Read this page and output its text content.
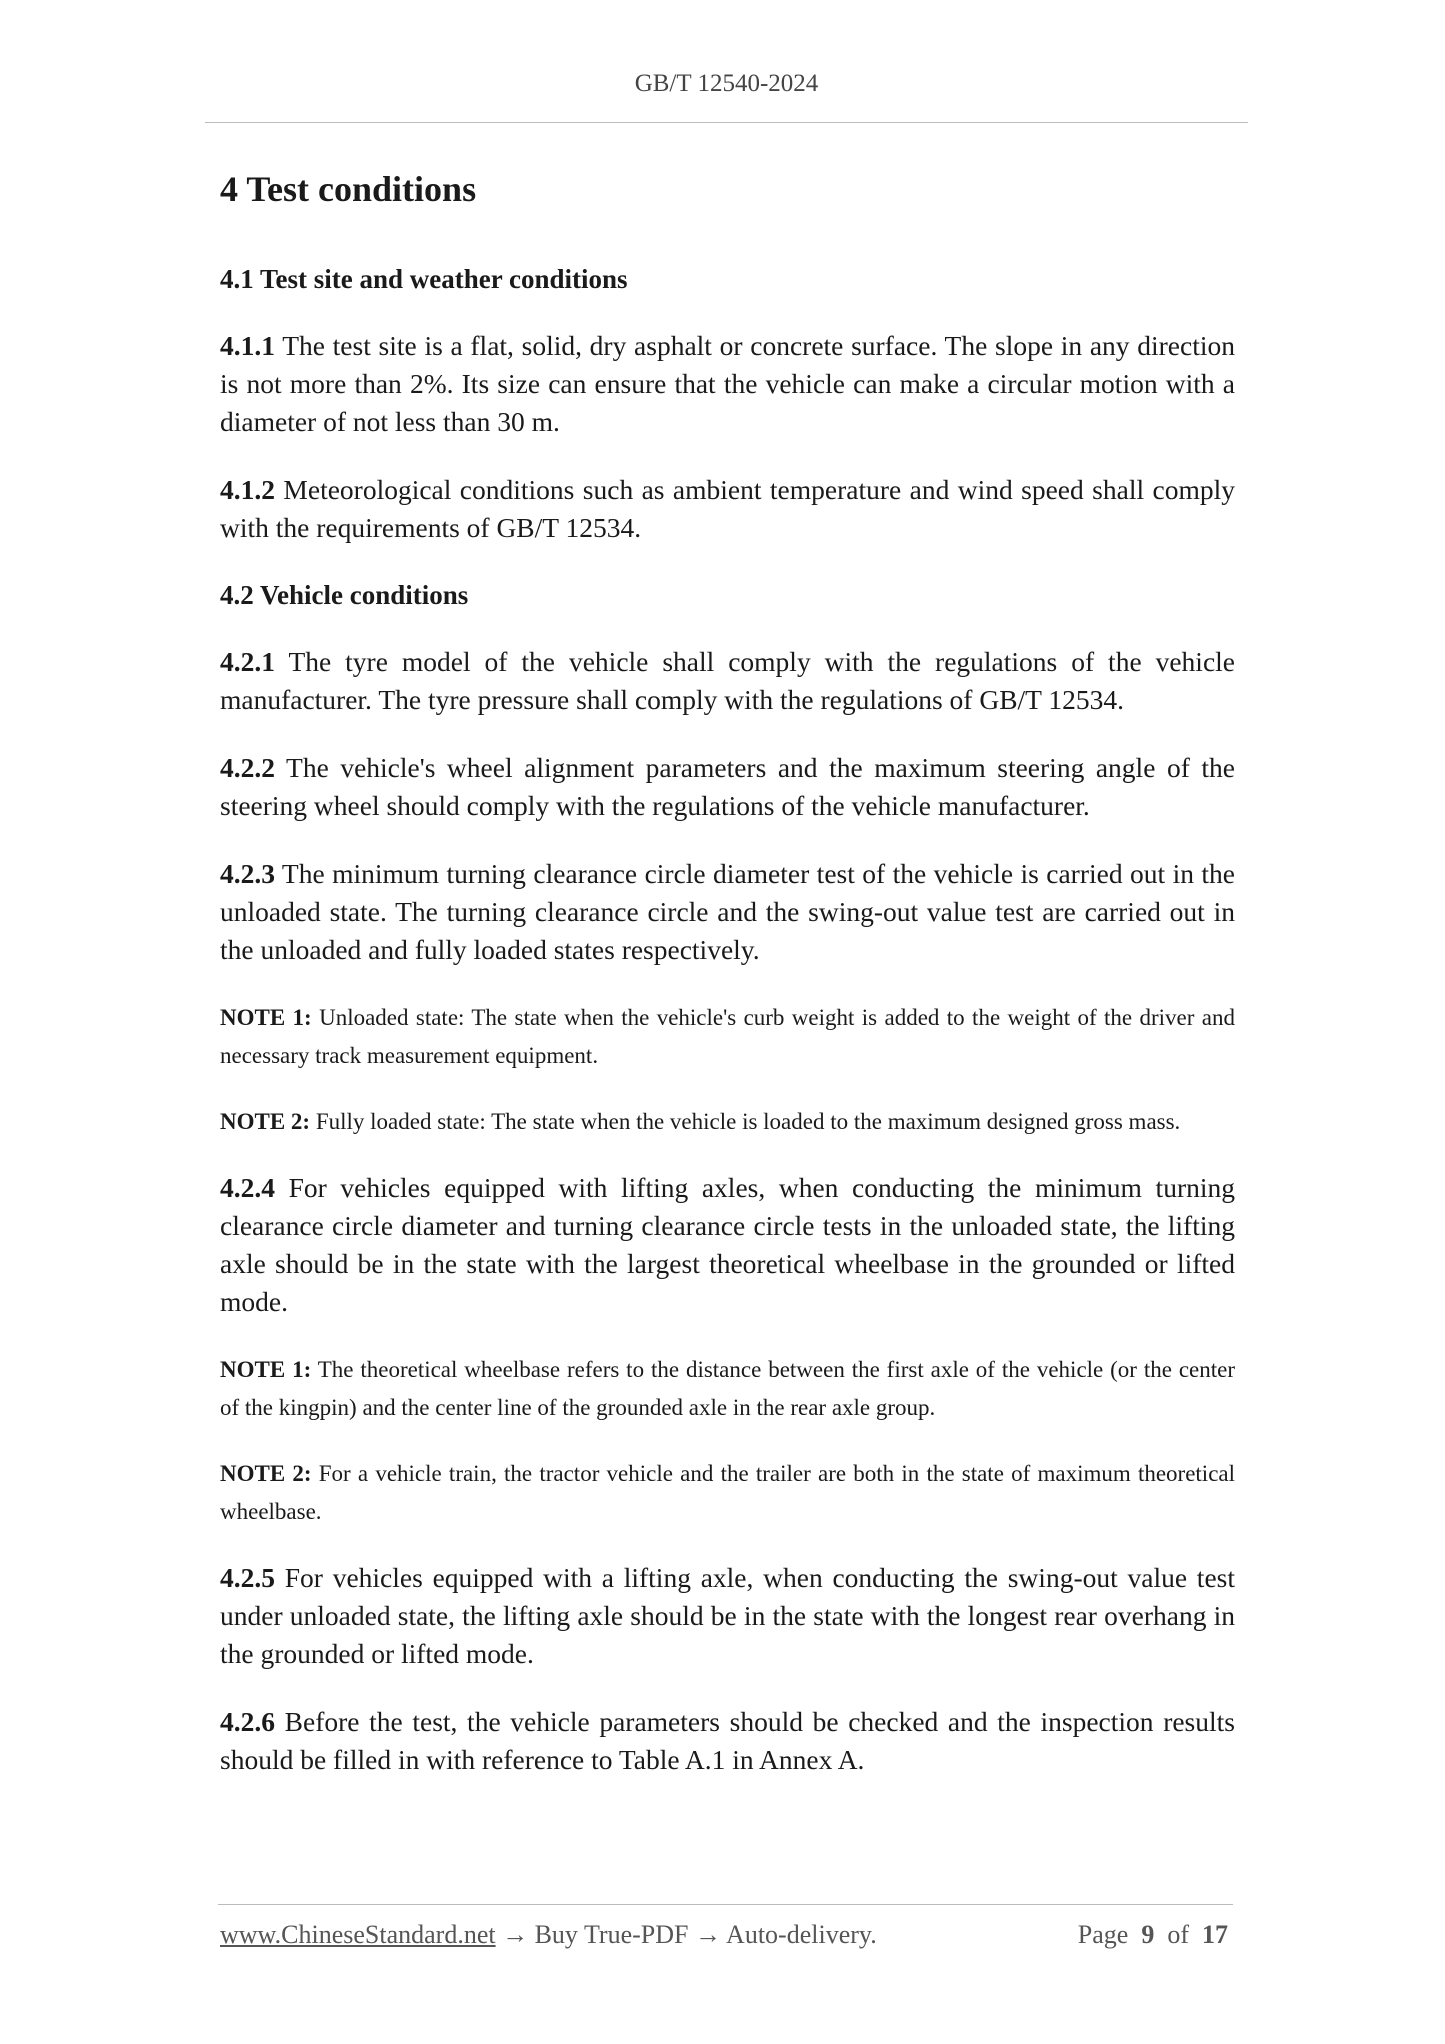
GB/T 12540-2024
4 Test conditions
4.1 Test site and weather conditions

4.1.1 The test site is a flat, solid, dry asphalt or concrete surface. The slope in any direction is not more than 2%. Its size can ensure that the vehicle can make a circular motion with a diameter of not less than 30 m.

4.1.2 Meteorological conditions such as ambient temperature and wind speed shall comply with the requirements of GB/T 12534.

4.2 Vehicle conditions

4.2.1 The tyre model of the vehicle shall comply with the regulations of the vehicle manufacturer. The tyre pressure shall comply with the regulations of GB/T 12534.

4.2.2 The vehicle's wheel alignment parameters and the maximum steering angle of the steering wheel should comply with the regulations of the vehicle manufacturer.

4.2.3 The minimum turning clearance circle diameter test of the vehicle is carried out in the unloaded state. The turning clearance circle and the swing-out value test are carried out in the unloaded and fully loaded states respectively.

NOTE 1: Unloaded state: The state when the vehicle's curb weight is added to the weight of the driver and necessary track measurement equipment.

NOTE 2: Fully loaded state: The state when the vehicle is loaded to the maximum designed gross mass.

4.2.4 For vehicles equipped with lifting axles, when conducting the minimum turning clearance circle diameter and turning clearance circle tests in the unloaded state, the lifting axle should be in the state with the largest theoretical wheelbase in the grounded or lifted mode.

NOTE 1: The theoretical wheelbase refers to the distance between the first axle of the vehicle (or the center of the kingpin) and the center line of the grounded axle in the rear axle group.

NOTE 2: For a vehicle train, the tractor vehicle and the trailer are both in the state of maximum theoretical wheelbase.

4.2.5 For vehicles equipped with a lifting axle, when conducting the swing-out value test under unloaded state, the lifting axle should be in the state with the longest rear overhang in the grounded or lifted mode.

4.2.6 Before the test, the vehicle parameters should be checked and the inspection results should be filled in with reference to Table A.1 in Annex A.

www.ChineseStandard.net → Buy True-PDF → Auto-delivery.	Page 9 of 17
